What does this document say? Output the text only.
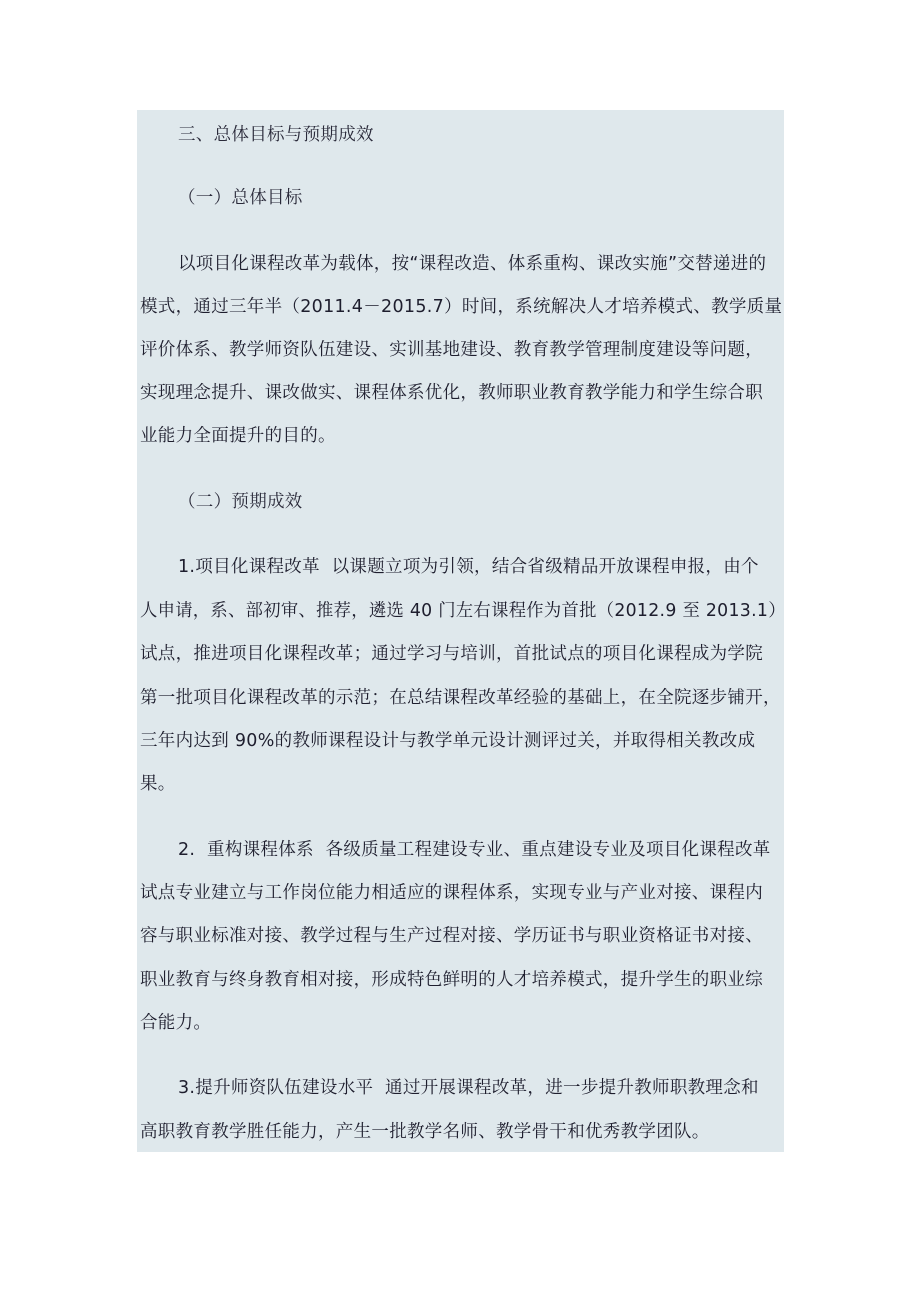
三、总体目标与预期成效
（一）总体目标
以项目化课程改革为载体，按“课程改造、体系重构、课改实施”交替递进的
模式，通过三年半（2011.4－2015.7）时间，系统解决人才培养模式、教学质量
评价体系、教学师资队伍建设、实训基地建设、教育教学管理制度建设等问题，
实现理念提升、课改做实、课程体系优化，教师职业教育教学能力和学生综合职
业能力全面提升的目的。
（二）预期成效
1.项目化课程改革  以课题立项为引领，结合省级精品开放课程申报，由个
人申请，系、部初审、推荐，遴选 40 门左右课程作为首批（2012.9 至 2013.1）
试点，推进项目化课程改革；通过学习与培训，首批试点的项目化课程成为学院
第一批项目化课程改革的示范；在总结课程改革经验的基础上，在全院逐步铺开，
三年内达到 90%的教师课程设计与教学单元设计测评过关，并取得相关教改成
果。
2.  重构课程体系  各级质量工程建设专业、重点建设专业及项目化课程改革
试点专业建立与工作岗位能力相适应的课程体系，实现专业与产业对接、课程内
容与职业标准对接、教学过程与生产过程对接、学历证书与职业资格证书对接、
职业教育与终身教育相对接，形成特色鲜明的人才培养模式，提升学生的职业综
合能力。
3.提升师资队伍建设水平  通过开展课程改革，进一步提升教师职教理念和
高职教育教学胜任能力，产生一批教学名师、教学骨干和优秀教学团队。
